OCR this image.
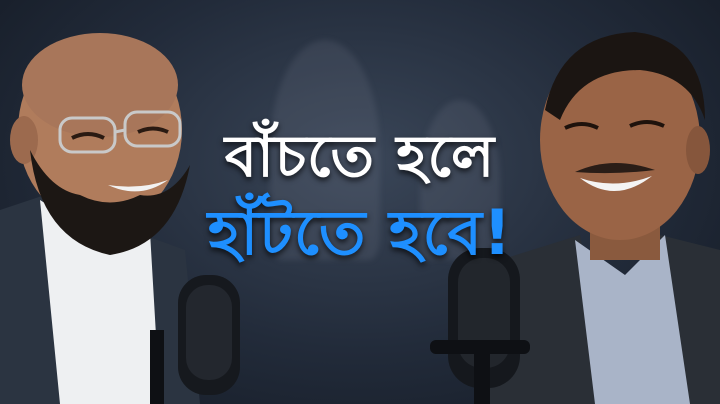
বাঁচতে হলে
হাঁটতে হবে!
